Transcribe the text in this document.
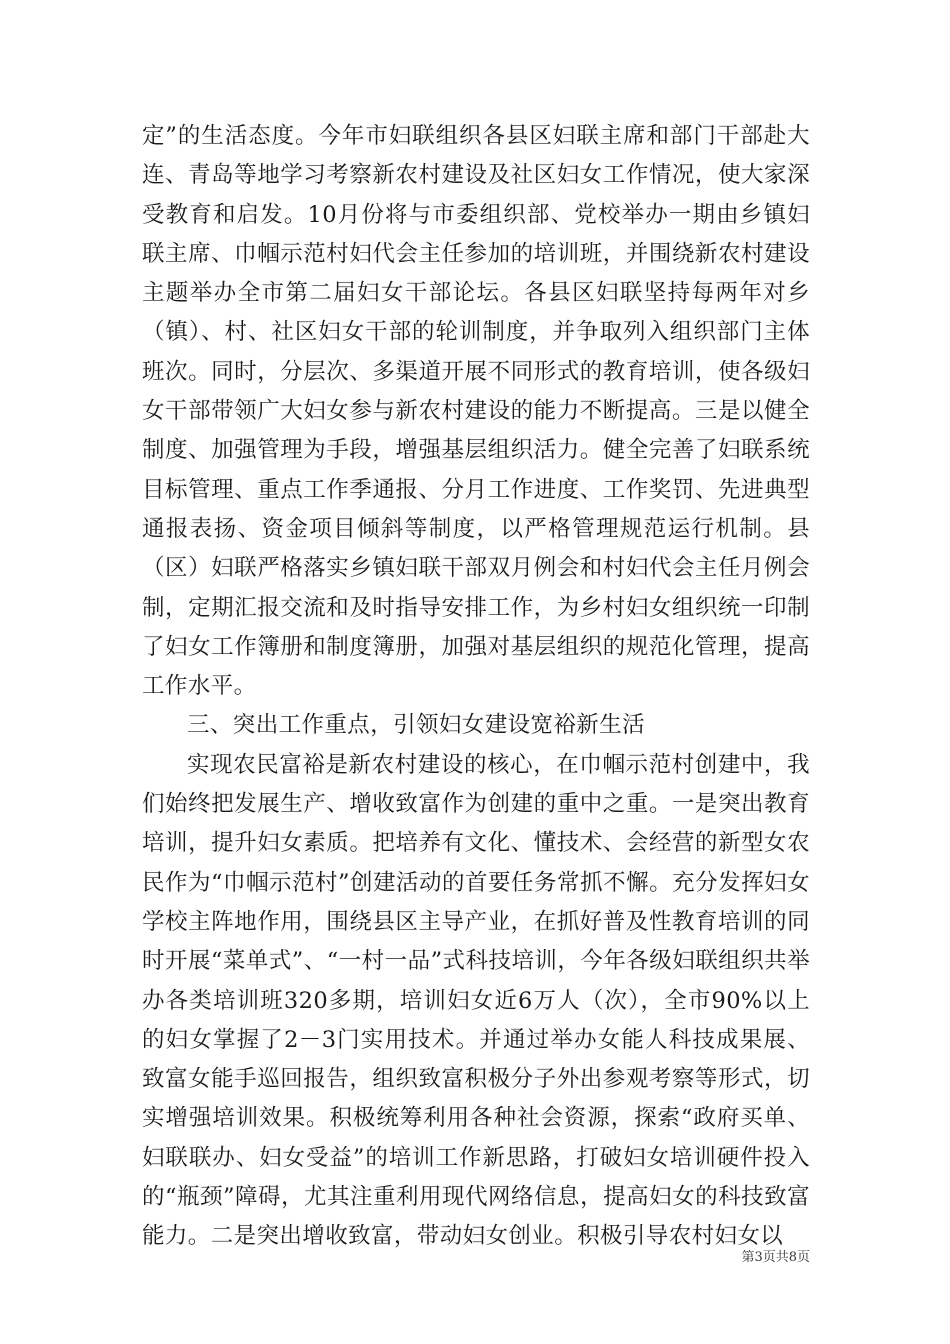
定”的生活态度。今年市妇联组织各县区妇联主席和部门干部赴大连、青岛等地学习考察新农村建设及社区妇女工作情况，使大家深受教育和启发。10月份将与市委组织部、党校举办一期由乡镇妇联主席、巾帼示范村妇代会主任参加的培训班，并围绕新农村建设主题举办全市第二届妇女干部论坛。各县区妇联坚持每两年对乡（镇）、村、社区妇女干部的轮训制度，并争取列入组织部门主体班次。同时，分层次、多渠道开展不同形式的教育培训，使各级妇女干部带领广大妇女参与新农村建设的能力不断提高。三是以健全制度、加强管理为手段，增强基层组织活力。健全完善了妇联系统目标管理、重点工作季通报、分月工作进度、工作奖罚、先进典型通报表扬、资金项目倾斜等制度，以严格管理规范运行机制。县（区）妇联严格落实乡镇妇联干部双月例会和村妇代会主任月例会制，定期汇报交流和及时指导安排工作，为乡村妇女组织统一印制了妇女工作簿册和制度簿册，加强对基层组织的规范化管理，提高工作水平。

三、突出工作重点，引领妇女建设宽裕新生活

实现农民富裕是新农村建设的核心，在巾帼示范村创建中，我们始终把发展生产、增收致富作为创建的重中之重。一是突出教育培训，提升妇女素质。把培养有文化、懂技术、会经营的新型女农民作为“巾帼示范村”创建活动的首要任务常抓不懈。充分发挥妇女学校主阵地作用，围绕县区主导产业，在抓好普及性教育培训的同时开展“菜单式”、“一村一品”式科技培训，今年各级妇联组织共举办各类培训班320多期，培训妇女近6万人（次），全市90%以上的妇女掌握了2－3门实用技术。并通过举办女能人科技成果展、致富女能手巡回报告，组织致富积极分子外出参观考察等形式，切实增强培训效果。积极统筹利用各种社会资源，探索“政府买单、妇联联办、妇女受益”的培训工作新思路，打破妇女培训硬件投入的“瓶颈”障碍，尤其注重利用现代网络信息，提高妇女的科技致富能力。二是突出增收致富，带动妇女创业。积极引导农村妇女以

第3页共8页
